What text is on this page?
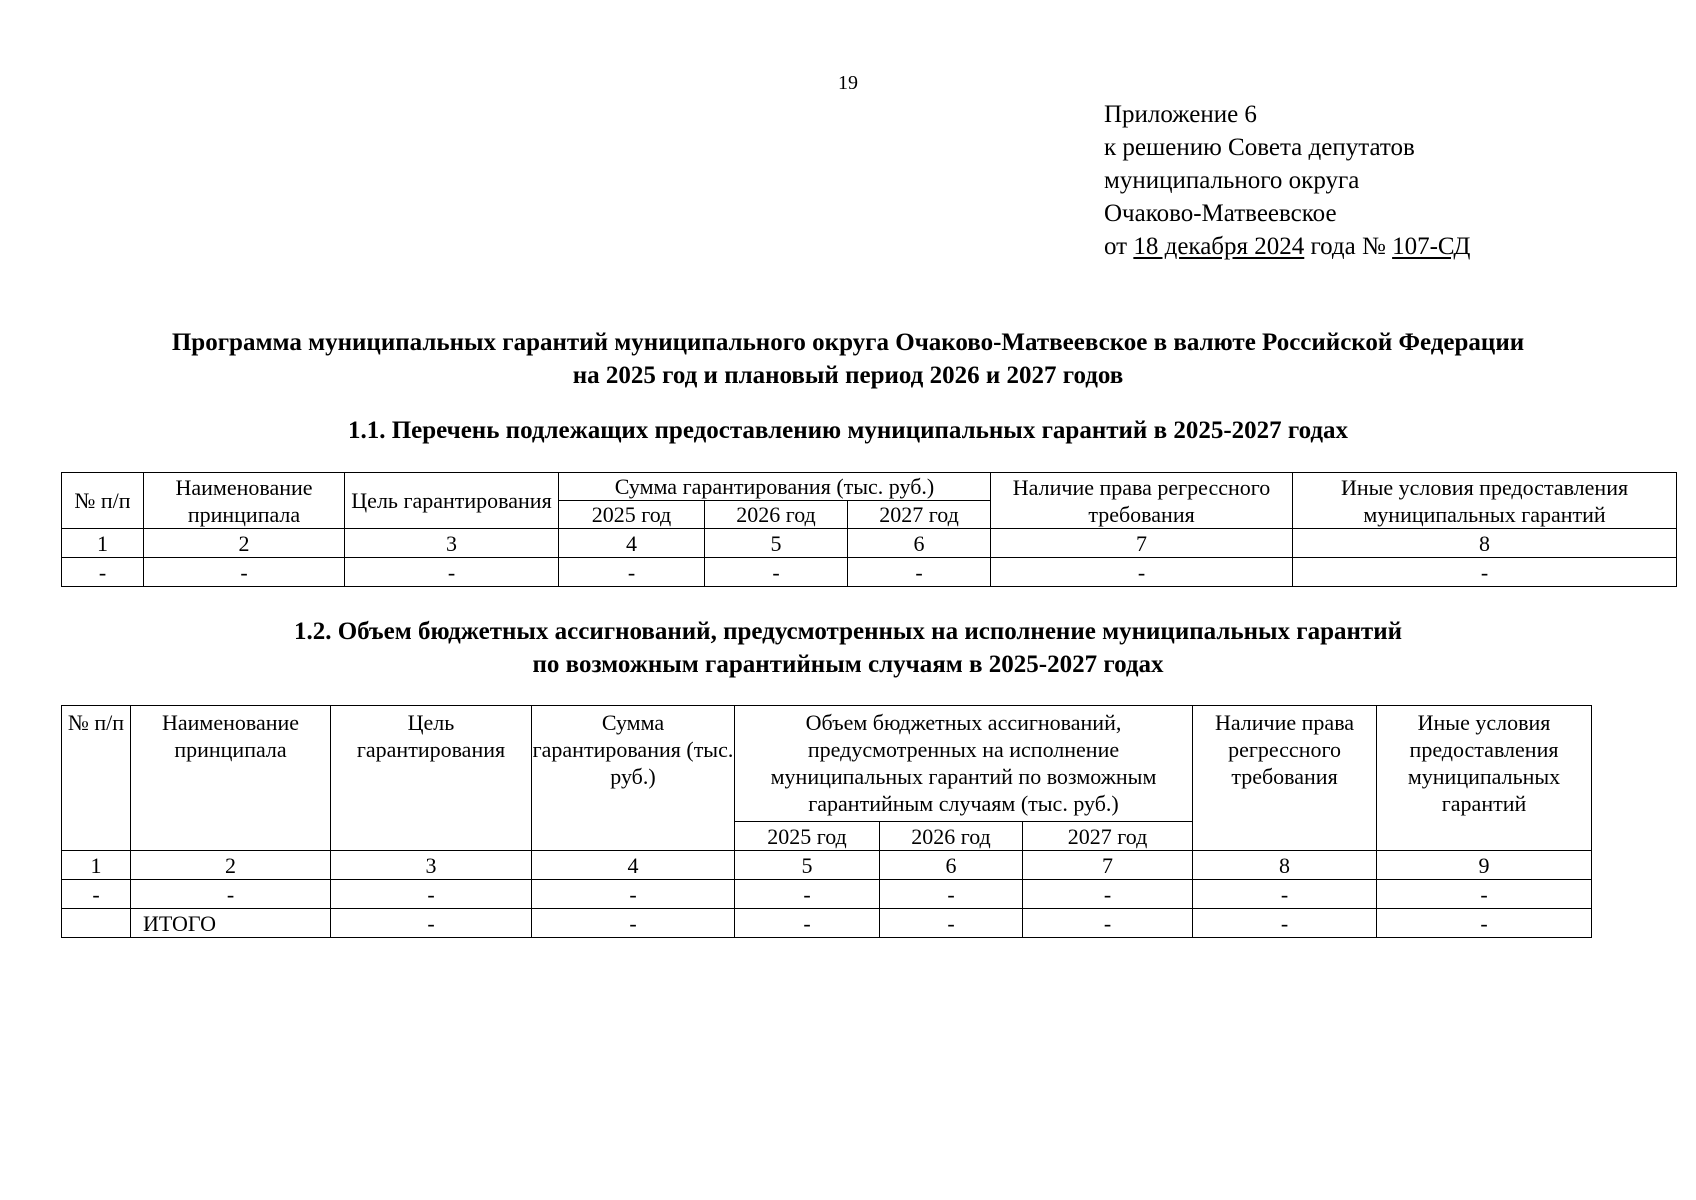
19
Приложение 6
к решению Совета депутатов
муниципального округа
Очаково-Матвеевское
от 18 декабря 2024 года № 107-СД
Программа муниципальных гарантий муниципального округа Очаково-Матвеевское в валюте Российской Федерации
на 2025 год и плановый период 2026 и 2027 годов
1.1. Перечень подлежащих предоставлению муниципальных гарантий в 2025-2027 годах
№ п/п	Наименование принципала	Цель гарантирования	Сумма гарантирования (тыс. руб.)			Наличие права регрессного требования	Иные условия предоставления муниципальных гарантий
			2025 год	2026 год	2027 год		
1	2	3	4	5	6	7	8
-	-	-	-	-	-	-	-
1.2. Объем бюджетных ассигнований, предусмотренных на исполнение муниципальных гарантий
по возможным гарантийным случаям в 2025-2027 годах
№ п/п	Наименование принципала	Цель гарантирования	Сумма гарантирования (тыс. руб.)	Объем бюджетных ассигнований, предусмотренных на исполнение муниципальных гарантий по возможным гарантийным случаям (тыс. руб.)			Наличие права регрессного требования	Иные условия предоставления муниципальных гарантий
				2025 год	2026 год	2027 год		
1	2	3	4	5	6	7	8	9
-	-	-	-	-	-	-	-	-
	ИТОГО	-	-	-	-	-	-	-
